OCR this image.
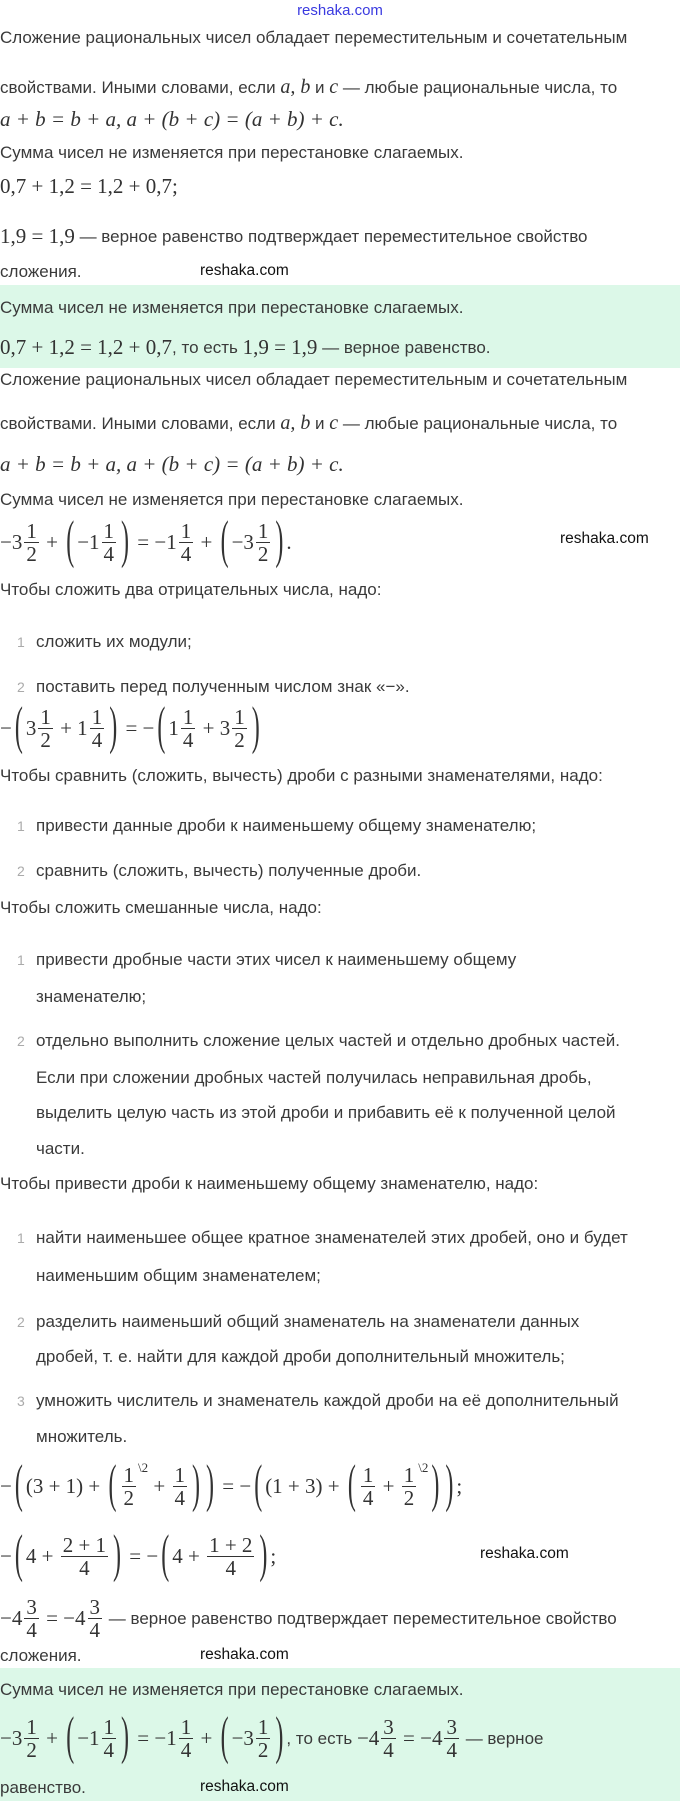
reshaka.com
Сложение рациональных чисел обладает переместительным и сочетательным
свойствами. Иными словами, если a, b и c — любые рациональные числа, то
a + b = b + a, a + (b + c) = (a + b) + c.
Сумма чисел не изменяется при перестановке слагаемых.
0,7 + 1,2 = 1,2 + 0,7;
1,9 = 1,9 — верное равенство подтверждает переместительное свойство
сложения.
Сумма чисел не изменяется при перестановке слагаемых.
0,7 + 1,2 = 1,2 + 0,7 , то есть 1,9 = 1,9 — верное равенство.
Сложение рациональных чисел обладает переместительным и сочетательным
свойствами. Иными словами, если a, b и c — любые рациональные числа, то
a + b = b + a, a + (b + c) = (a + b) + c.
Сумма чисел не изменяется при перестановке слагаемых.
$-3 \frac{1}{2}$ + ( $-1 \frac{1}{4}$ ) = $-1 \frac{1}{4}$ + ( $-3 \frac{1}{2}$ ) .
Чтобы сложить два отрицательных числа, надо:
1 сложить их модули;
2 поставить перед полученным числом знак «−».
− ( $3 \frac{1}{2} + 1 \frac{1}{4}$ ) = − ( $1 \frac{1}{4} + 3 \frac{1}{2}$ )
Чтобы сравнить (сложить, вычесть) дроби с разными знаменателями, надо:
1 привести данные дроби к наименьшему общему знаменателю;
2 сравнить (сложить, вычесть) полученные дроби.
Чтобы сложить смешанные числа, надо:
1 привести дробные части этих чисел к наименьшему общему
знаменателю;
2 отдельно выполнить сложение целых частей и отдельно дробных частей.
Если при сложении дробных частей получилась неправильная дробь,
выделить целую часть из этой дроби и прибавить её к полученной целой
части.
Чтобы привести дроби к наименьшему общему знаменателю, надо:
1 найти наименьшее общее кратное знаменателей этих дробей, оно и будет
наименьшим общим знаменателем;
2 разделить наименьший общий знаменатель на знаменатели данных
дробей, т. е. найти для каждой дроби дополнительный множитель;
3 умножить числитель и знаменатель каждой дроби на её дополнительный
множитель.
− ( (3 + 1) + ( $\frac{1}{2}$ \2
+ $\frac{1}{4}$ ) ) = − ( (1 + 3) + ( $\frac{1}{4} + \frac{1}{2}$ \2 ) ) ;
− ( $4 + \frac{2 + 1}{4}$ ) = − ( $4 + \frac{1 + 2}{4}$ ) ;
$-4 \frac{3}{4} = -4 \frac{3}{4}$ — верное равенство подтверждает переместительное свойство
сложения.
Сумма чисел не изменяется при перестановке слагаемых.
$-3 \frac{1}{2}$ + ( $-1 \frac{1}{4}$ ) = $-1 \frac{1}{4}$ + ( $-3 \frac{1}{2}$ ) , то есть $-4 \frac{3}{4} = -4 \frac{3}{4}$ — верное
равенство.
reshaka.com
reshaka.com
reshaka.com
reshaka.com
reshaka.com
